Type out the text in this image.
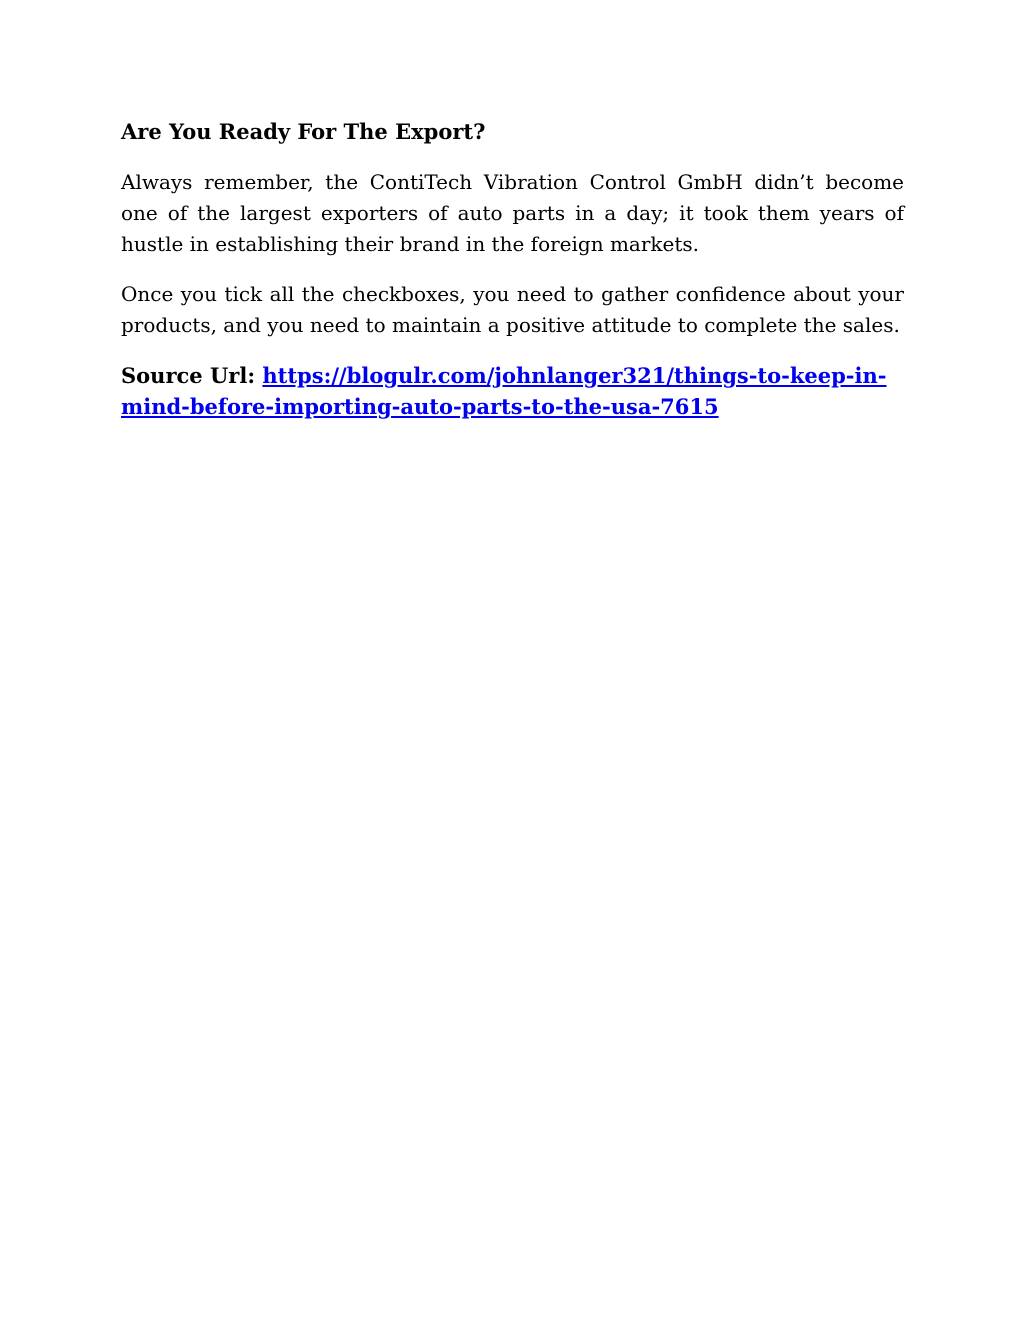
Are You Ready For The Export?

Always remember, the ContiTech Vibration Control GmbH didn’t become one of the largest exporters of auto parts in a day; it took them years of hustle in establishing their brand in the foreign markets.

Once you tick all the checkboxes, you need to gather confidence about your products, and you need to maintain a positive attitude to complete the sales.

Source Url: https://blogulr.com/johnlanger321/things-to-keep-in-mind-before-importing-auto-parts-to-the-usa-7615
